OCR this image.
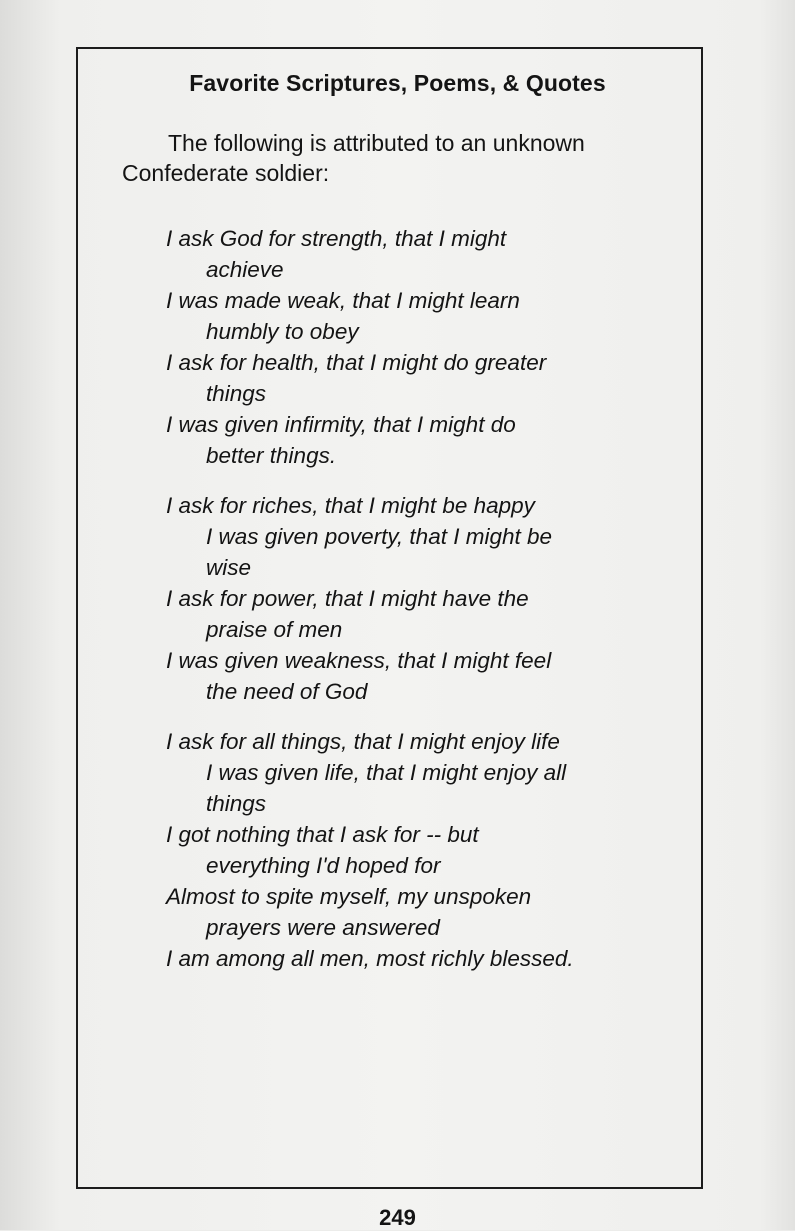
Favorite Scriptures, Poems, & Quotes
The following is attributed to an unknown Confederate soldier:
I ask God for strength, that I might
achieve
I was made weak, that I might learn
humbly to obey
I ask for health, that I might do greater
things
I was given infirmity, that I might do
better things.
I ask for riches, that I might be happy
I was given poverty, that I might be
wise
I ask for power, that I might have the
praise of men
I was given weakness, that I might feel
the need of God
I ask for all things, that I might enjoy life
I was given life, that I might enjoy all
things
I got nothing that I ask for -- but
everything I'd hoped for
Almost to spite myself, my unspoken
prayers were answered
I am among all men, most richly blessed.
249
